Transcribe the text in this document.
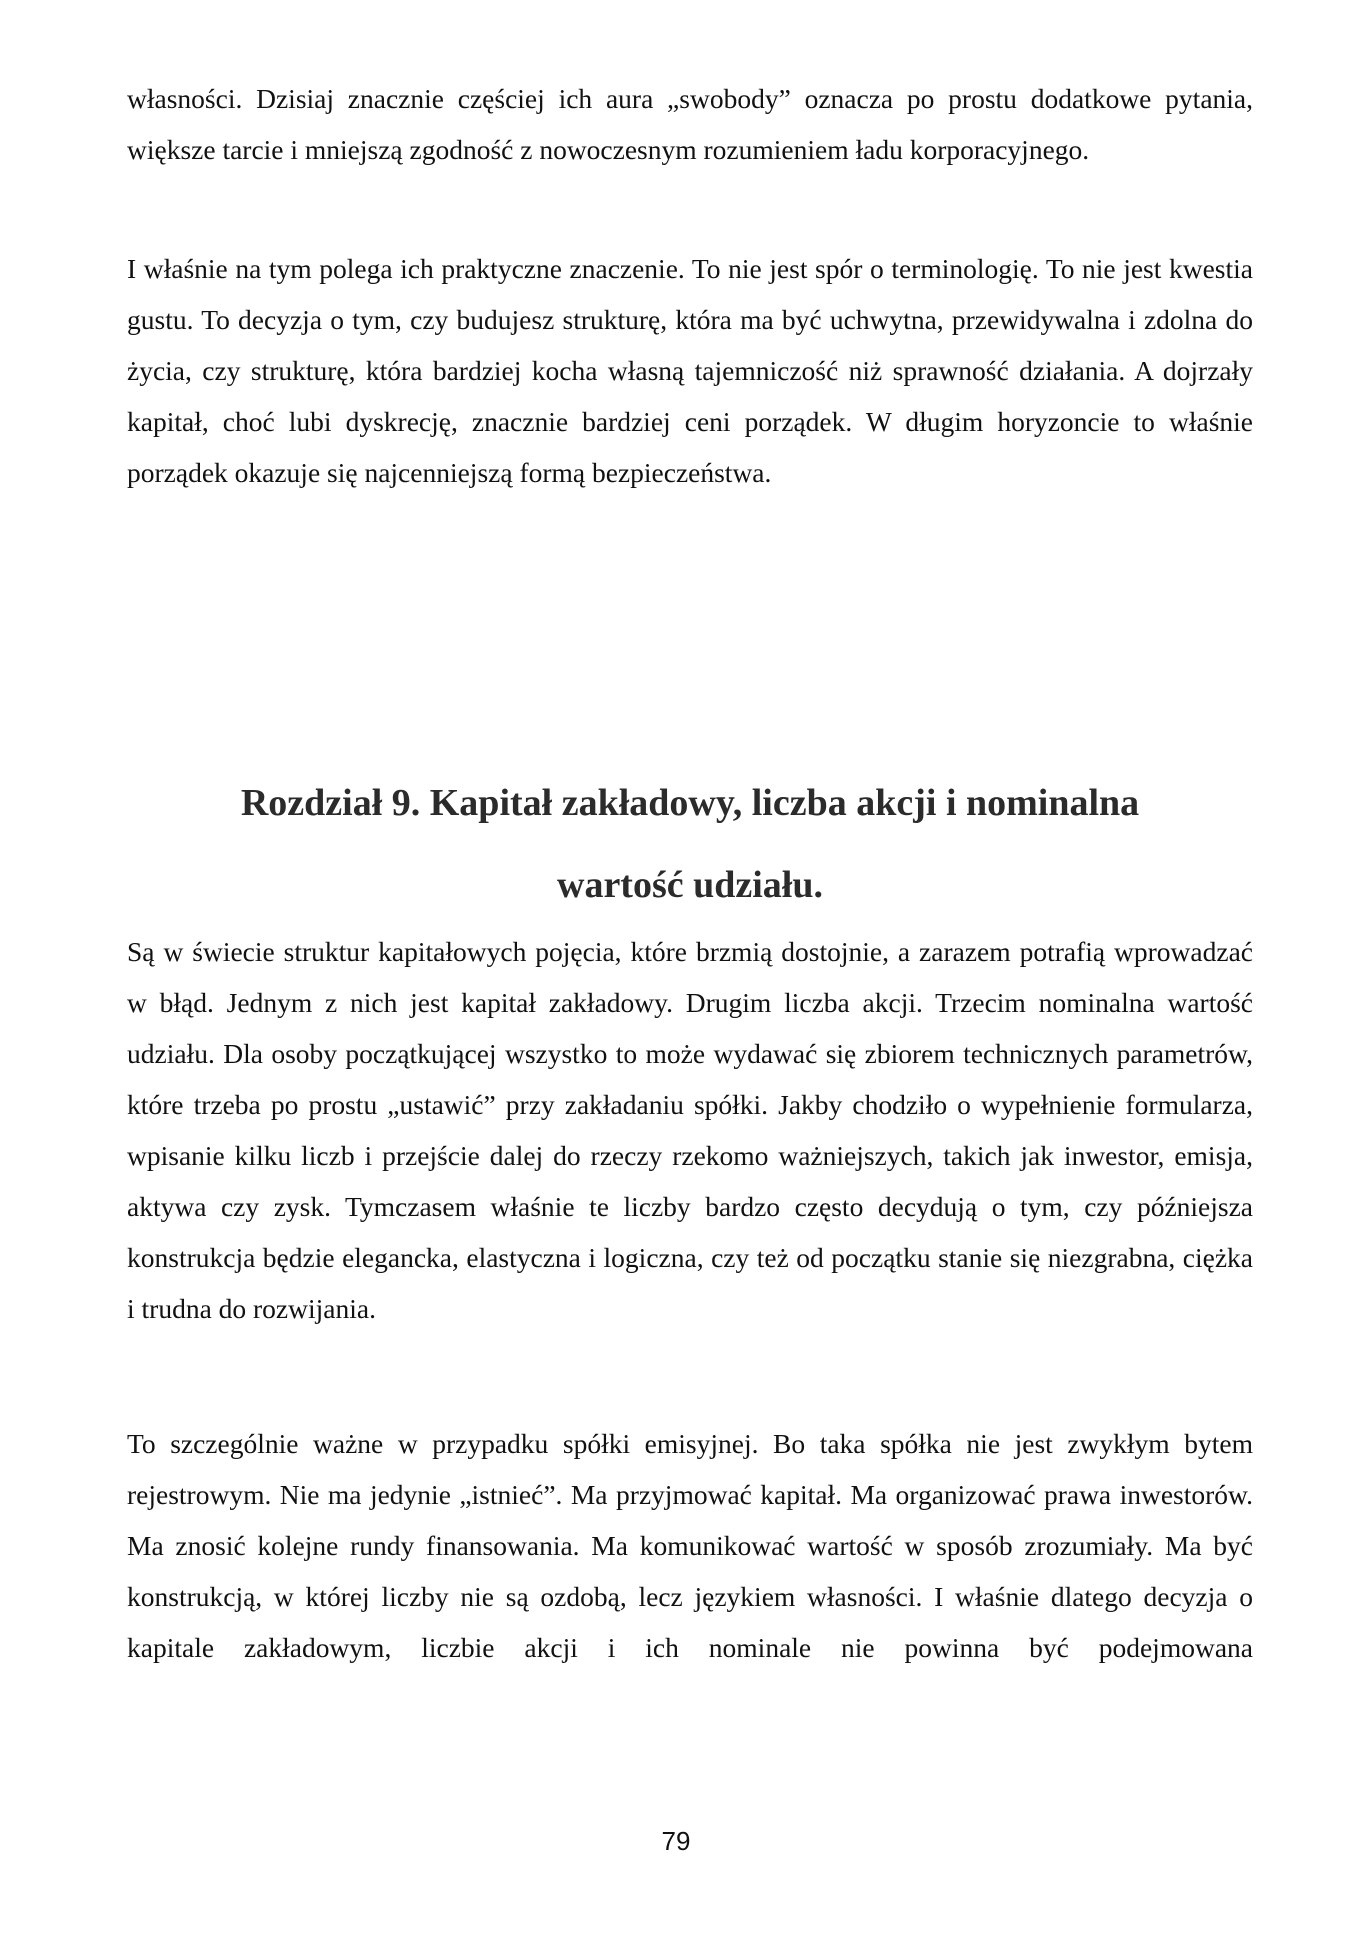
własności. Dzisiaj znacznie częściej ich aura „swobody” oznacza po prostu dodatkowe pytania, większe tarcie i mniejszą zgodność z nowoczesnym rozumieniem ładu korporacyjnego.

I właśnie na tym polega ich praktyczne znaczenie. To nie jest spór o terminologię. To nie jest kwestia gustu. To decyzja o tym, czy budujesz strukturę, która ma być uchwytna, przewidywalna i zdolna do życia, czy strukturę, która bardziej kocha własną tajemniczość niż sprawność działania. A dojrzały kapitał, choć lubi dyskrecję, znacznie bardziej ceni porządek. W długim horyzoncie to właśnie porządek okazuje się najcenniejszą formą bezpieczeństwa.

Rozdział 9. Kapitał zakładowy, liczba akcji i nominalna
wartość udziału.

Są w świecie struktur kapitałowych pojęcia, które brzmią dostojnie, a zarazem potrafią wprowadzać w błąd. Jednym z nich jest kapitał zakładowy. Drugim liczba akcji. Trzecim nominalna wartość udziału. Dla osoby początkującej wszystko to może wydawać się zbiorem technicznych parametrów, które trzeba po prostu „ustawić” przy zakładaniu spółki. Jakby chodziło o wypełnienie formularza, wpisanie kilku liczb i przejście dalej do rzeczy rzekomo ważniejszych, takich jak inwestor, emisja, aktywa czy zysk. Tymczasem właśnie te liczby bardzo często decydują o tym, czy późniejsza konstrukcja będzie elegancka, elastyczna i logiczna, czy też od początku stanie się niezgrabna, ciężka i trudna do rozwijania.

To szczególnie ważne w przypadku spółki emisyjnej. Bo taka spółka nie jest zwykłym bytem rejestrowym. Nie ma jedynie „istnieć”. Ma przyjmować kapitał. Ma organizować prawa inwestorów. Ma znosić kolejne rundy finansowania. Ma komunikować wartość w sposób zrozumiały. Ma być konstrukcją, w której liczby nie są ozdobą, lecz językiem własności. I właśnie dlatego decyzja o kapitale zakładowym, liczbie akcji i ich nominale nie powinna być podejmowana

79
